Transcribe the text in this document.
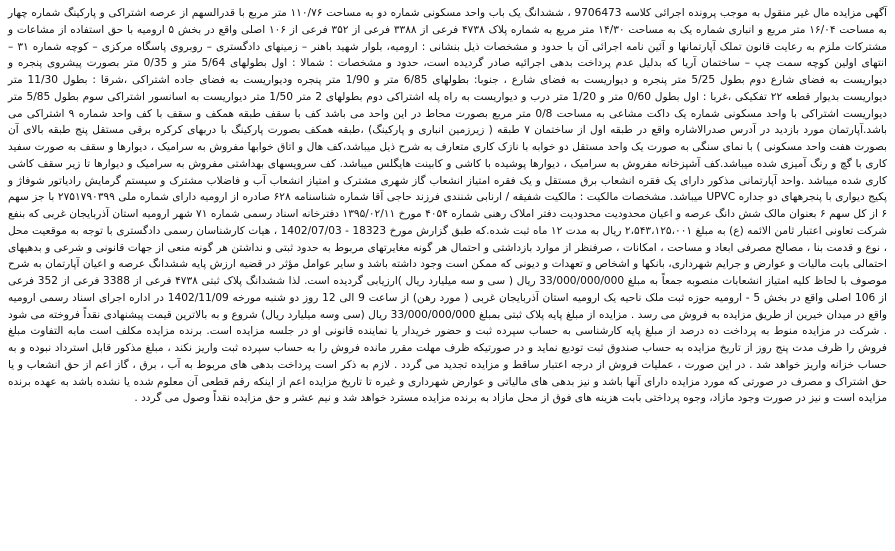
آگهی مزایده مال غیر منقول به موجب پرونده اجرائی کلاسه 9706473 ، ششدانگ یک باب واحد مسکونی شماره دو به مساحت ۱۱۰/۷۶ متر مربع با قدرالسهم از عرصه اشتراکی و پارکینگ شماره چهار به مساحت ۱۶/۰۴ متر مربع و انباری شماره یک به مساحت ۱۴/۳۰ متر مربع به شماره پلاک ۴۷۳۸ فرعی از ۳۳۸۸ فرعی از ۳۵۲ فرعی از ۱۰۶ اصلی واقع در بخش ۵ ارومیه با حق استفاده از مشاعات و مشترکات ملزم به رعایت قانون تملک آپارتمانها و آئین نامه اجرائی آن با حدود و مشخصات ذیل بنشانی : ارومیه، بلوار شهید باهنر – زمینهای دادگستری – روبروی پاسگاه مرکزی – کوچه شماره ۳۱ – انتهای اولین کوچه سمت چپ – ساختمان آریا که بدلیل عدم پرداخت بدهی اجرائیه صادر گردیده است، حدود و مشخصات : شمالا : اول بطولهای 5/64 متر و 0/35 متر بصورت پیشروی پنجره و دیواریست به فضای شارع دوم بطول 5/25 متر پنجره و دیواریست به فضای شارع ، جنوبا: بطولهای 6/85 متر و 1/90 متر پنجره ودیواریست به فضای جاده اشتراکی ،شرقا : بطول 11/30 متر دیواریست بدیوار قطعه ۲۲ تفکیکی ،غربا : اول بطول 0/60 متر و 1/20 متر درب و دیواریست به راه پله اشتراکی دوم بطولهای 2 متر 1/50 متر دیواریست به اسانسور اشتراکی سوم بطول 5/85 متر دیواریست اشتراکی با واحد مسکونی شماره یک داکت مشاعی به مساحت 0/8 متر مربع بصورت محاط در این واحد می باشد کف با سقف طبقه همکف و سقف با کف واحد شماره ۹ اشتراکی می باشد.آپارتمان مورد بازدید در آدرس صدرالاشاره واقع در طبقه اول از ساختمان ۷ طبقه ( زیرزمین انباری و پارکینگ) ،طبقه همکف بصورت پارکینگ با دربهای کرکره برقی مستقل پنج طبقه بالای آن بصورت هفت واحد مسکونی ) با نمای سنگی به صورت یک واحد مستقل دو خوابه با نازک کاری متعارف به شرح ذیل میباشد،کف هال و اتاق خوابها مفروش به سرامیک ، دیوارها و سقف به صورت سفید کاری با گچ و رنگ آمیزی شده میباشد.کف آشپزخانه مفروش به سرامیک ، دیوارها پوشیده با کاشی و کابینت هایگلس میباشد. کف سرویسهای بهداشتی مفروش به سرامیک و دیوارها تا زیر سقف کاشی کاری شده میباشد .واحد آپارتمانی مذکور دارای یک فقره انشعاب برق مستقل و یک فقره امتیاز انشعاب گاز شهری مشترک و امتیاز انشعاب آب و فاضلاب مشترک و سیستم گرمایش رادیاتور شوفاژ و پکیج دیواری با پنجرههای دو جداره UPVC میباشد. مشخصات مالکیت : مالکیت شفیقه / ارنابی شنندی فرزند حاجی آقا شماره شناسنامه ۶۲۸ صادره از ارومیه دارای شماره ملی ۲۷۵۱۷۹۰۳۹۹ با جز سهم ۶ از کل سهم ۶ بعنوان مالک شش دانگ عرصه و اعیان محدودیت محدودیت دفتر املاک رهنی شماره ۴۰۵۴ مورخ ۱۳۹۵/۰۲/۱۱ دفترخانه اسناد رسمی شماره ۷۱ شهر ارومیه استان آذربایجان غربی که بنفع شرکت تعاونی اعتبار ثامن الائمه (ع) به مبلغ ۲،۵۴۳،۱۲۵،۰۰۱ ریال به مدت ۱۲ ماه ثبت شده.که طبق گزارش مورخ 18323 - 1402/07/03 ، هیات کارشناسان رسمی دادگستری با توجه به موقعیت محل ، نوع و قدمت بنا ، مصالح مصرفی ابعاد و مساحت ، امکانات ، صرفنظر از موارد بازداشتی و احتمال هر گونه مغایرتهای مربوط به حدود ثبتی و نداشتن هر گونه منعی از جهات قانونی و شرعی و بدهیهای احتمالی بابت مالیات و عوارض و جرایم شهرداری، بانکها و اشخاص و تعهدات و دیونی که ممکن است وجود داشته باشد و سایر عوامل مؤثر در قضیه ارزش پایه ششدانگ عرصه و اعیان آپارتمان به شرح موصوف با لحاظ کلیه امتیاز انشعابات منصوبه جمعاً به مبلغ 33/000/000/000 ریال ( سی و سه میلیارد ریال )ارزیابی گردیده است. لذا ششدانگ پلاک ثبتی ۴۷۳۸ فرعی از 3388 فرعی از 352 فرعی از 106 اصلی واقع در بخش 5 - ارومیه حوزه ثبت ملک ناحیه یک ارومیه استان آذربایجان غربی ( مورد رهن) از ساعت 9 الی 12 روز دو شنبه مورخه 1402/11/09 در اداره اجرای اسناد رسمی ارومیه واقع در میدان خیرین از طریق مزایده به فروش می رسد . مزایده از مبلغ پایه پلاک ثبتی بمبلغ 33/000/000/000 ریال (سی وسه میلیارد ریال) شروع و به بالاترین قیمت پیشنهادی نقداً فروخته می شود . شرکت در مزایده منوط به پرداخت ده درصد از مبلغ پایه کارشناسی به حساب سپرده ثبت و حضور خریدار یا نماینده قانونی او در جلسه مزایده است. برنده مزایده مکلف است مابه التفاوت مبلغ فروش را ظرف مدت پنج روز از تاریخ مزایده به حساب صندوق ثبت تودیع نماید و در صورتیکه ظرف مهلت مقرر مانده فروش را به حساب سپرده ثبت واریز نکند ، مبلغ مذکور قابل استرداد نبوده و به حساب خزانه واریز خواهد شد . در این صورت ، عملیات فروش از درجه اعتبار ساقط و مزایده تجدید می گردد . لازم به ذکر است پرداخت بدهی های مربوط به آب ، برق ، گاز اعم از حق انشعاب و یا حق اشتراک و مصرف در صورتی که مورد مزایده دارای آنها باشد و نیز بدهی های مالیاتی و عوارض شهرداری و غیره تا تاریخ مزایده اعم از اینکه رقم قطعی آن معلوم شده یا نشده باشد به عهده برنده مزایده است و نیز در صورت وجود مازاد، وجوه پرداختی بابت هزینه های فوق از محل مازاد به برنده مزایده مسترد خواهد شد و نیم عشر و حق مزایده نقداً وصول می گردد .
